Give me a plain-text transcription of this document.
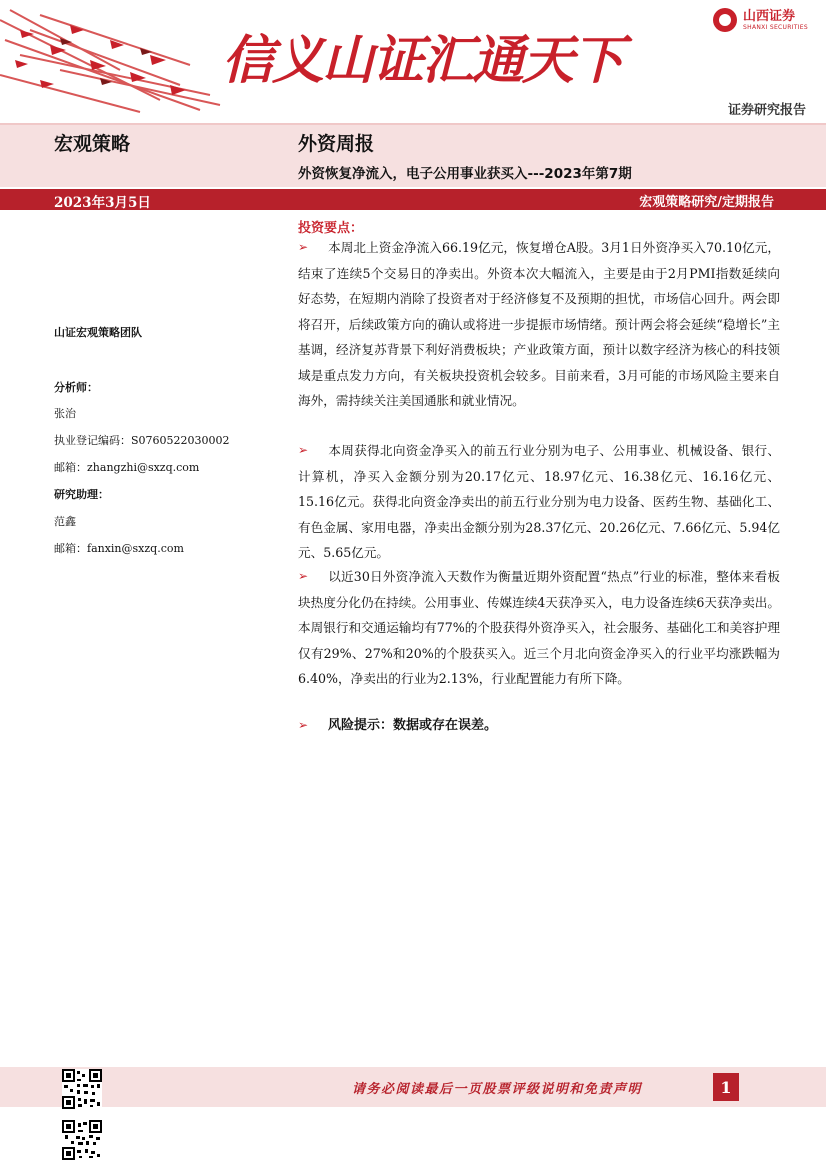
信义山证汇通天下
山西证券
SHANXI SECURITIES
证券研究报告
宏观策略	外资周报
外资恢复净流入，电子公用事业获买入---2023年第7期
2023年3月5日	宏观策略研究/定期报告
山证宏观策略团队
分析师：
张治
执业登记编码：S0760522030002
邮箱：zhangzhi@sxzq.com
研究助理：
范鑫
邮箱：fanxin@sxzq.com
投资要点：
➢	本周北上资金净流入66.19亿元，恢复增仓A股。3月1日外资净买入70.10亿元，结束了连续5个交易日的净卖出。外资本次大幅流入，主要是由于2月PMI指数延续向好态势，在短期内消除了投资者对于经济修复不及预期的担忧，市场信心回升。两会即将召开，后续政策方向的确认或将进一步提振市场情绪。预计两会将会延续“稳增长”主基调，经济复苏背景下利好消费板块；产业政策方面，预计以数字经济为核心的科技领域是重点发力方向，有关板块投资机会较多。目前来看，3月可能的市场风险主要来自海外，需持续关注美国通胀和就业情况。
➢	本周获得北向资金净买入的前五行业分别为电子、公用事业、机械设备、银行、计算机，净买入金额分别为20.17亿元、18.97亿元、16.38亿元、16.16亿元、15.16亿元。获得北向资金净卖出的前五行业分别为电力设备、医药生物、基础化工、有色金属、家用电器，净卖出金额分别为28.37亿元、20.26亿元、7.66亿元、5.94亿元、5.65亿元。
➢	以近30日外资净流入天数作为衡量近期外资配置“热点”行业的标准，整体来看板块热度分化仍在持续。公用事业、传媒连续4天获净买入，电力设备连续6天获净卖出。本周银行和交通运输均有77%的个股获得外资净买入，社会服务、基础化工和美容护理仅有29%、27%和20%的个股获买入。近三个月北向资金净买入的行业平均涨跌幅为6.40%，净卖出的行业为2.13%，行业配置能力有所下降。
➢	风险提示：数据或存在误差。
请务必阅读最后一页股票评级说明和免责声明	1
